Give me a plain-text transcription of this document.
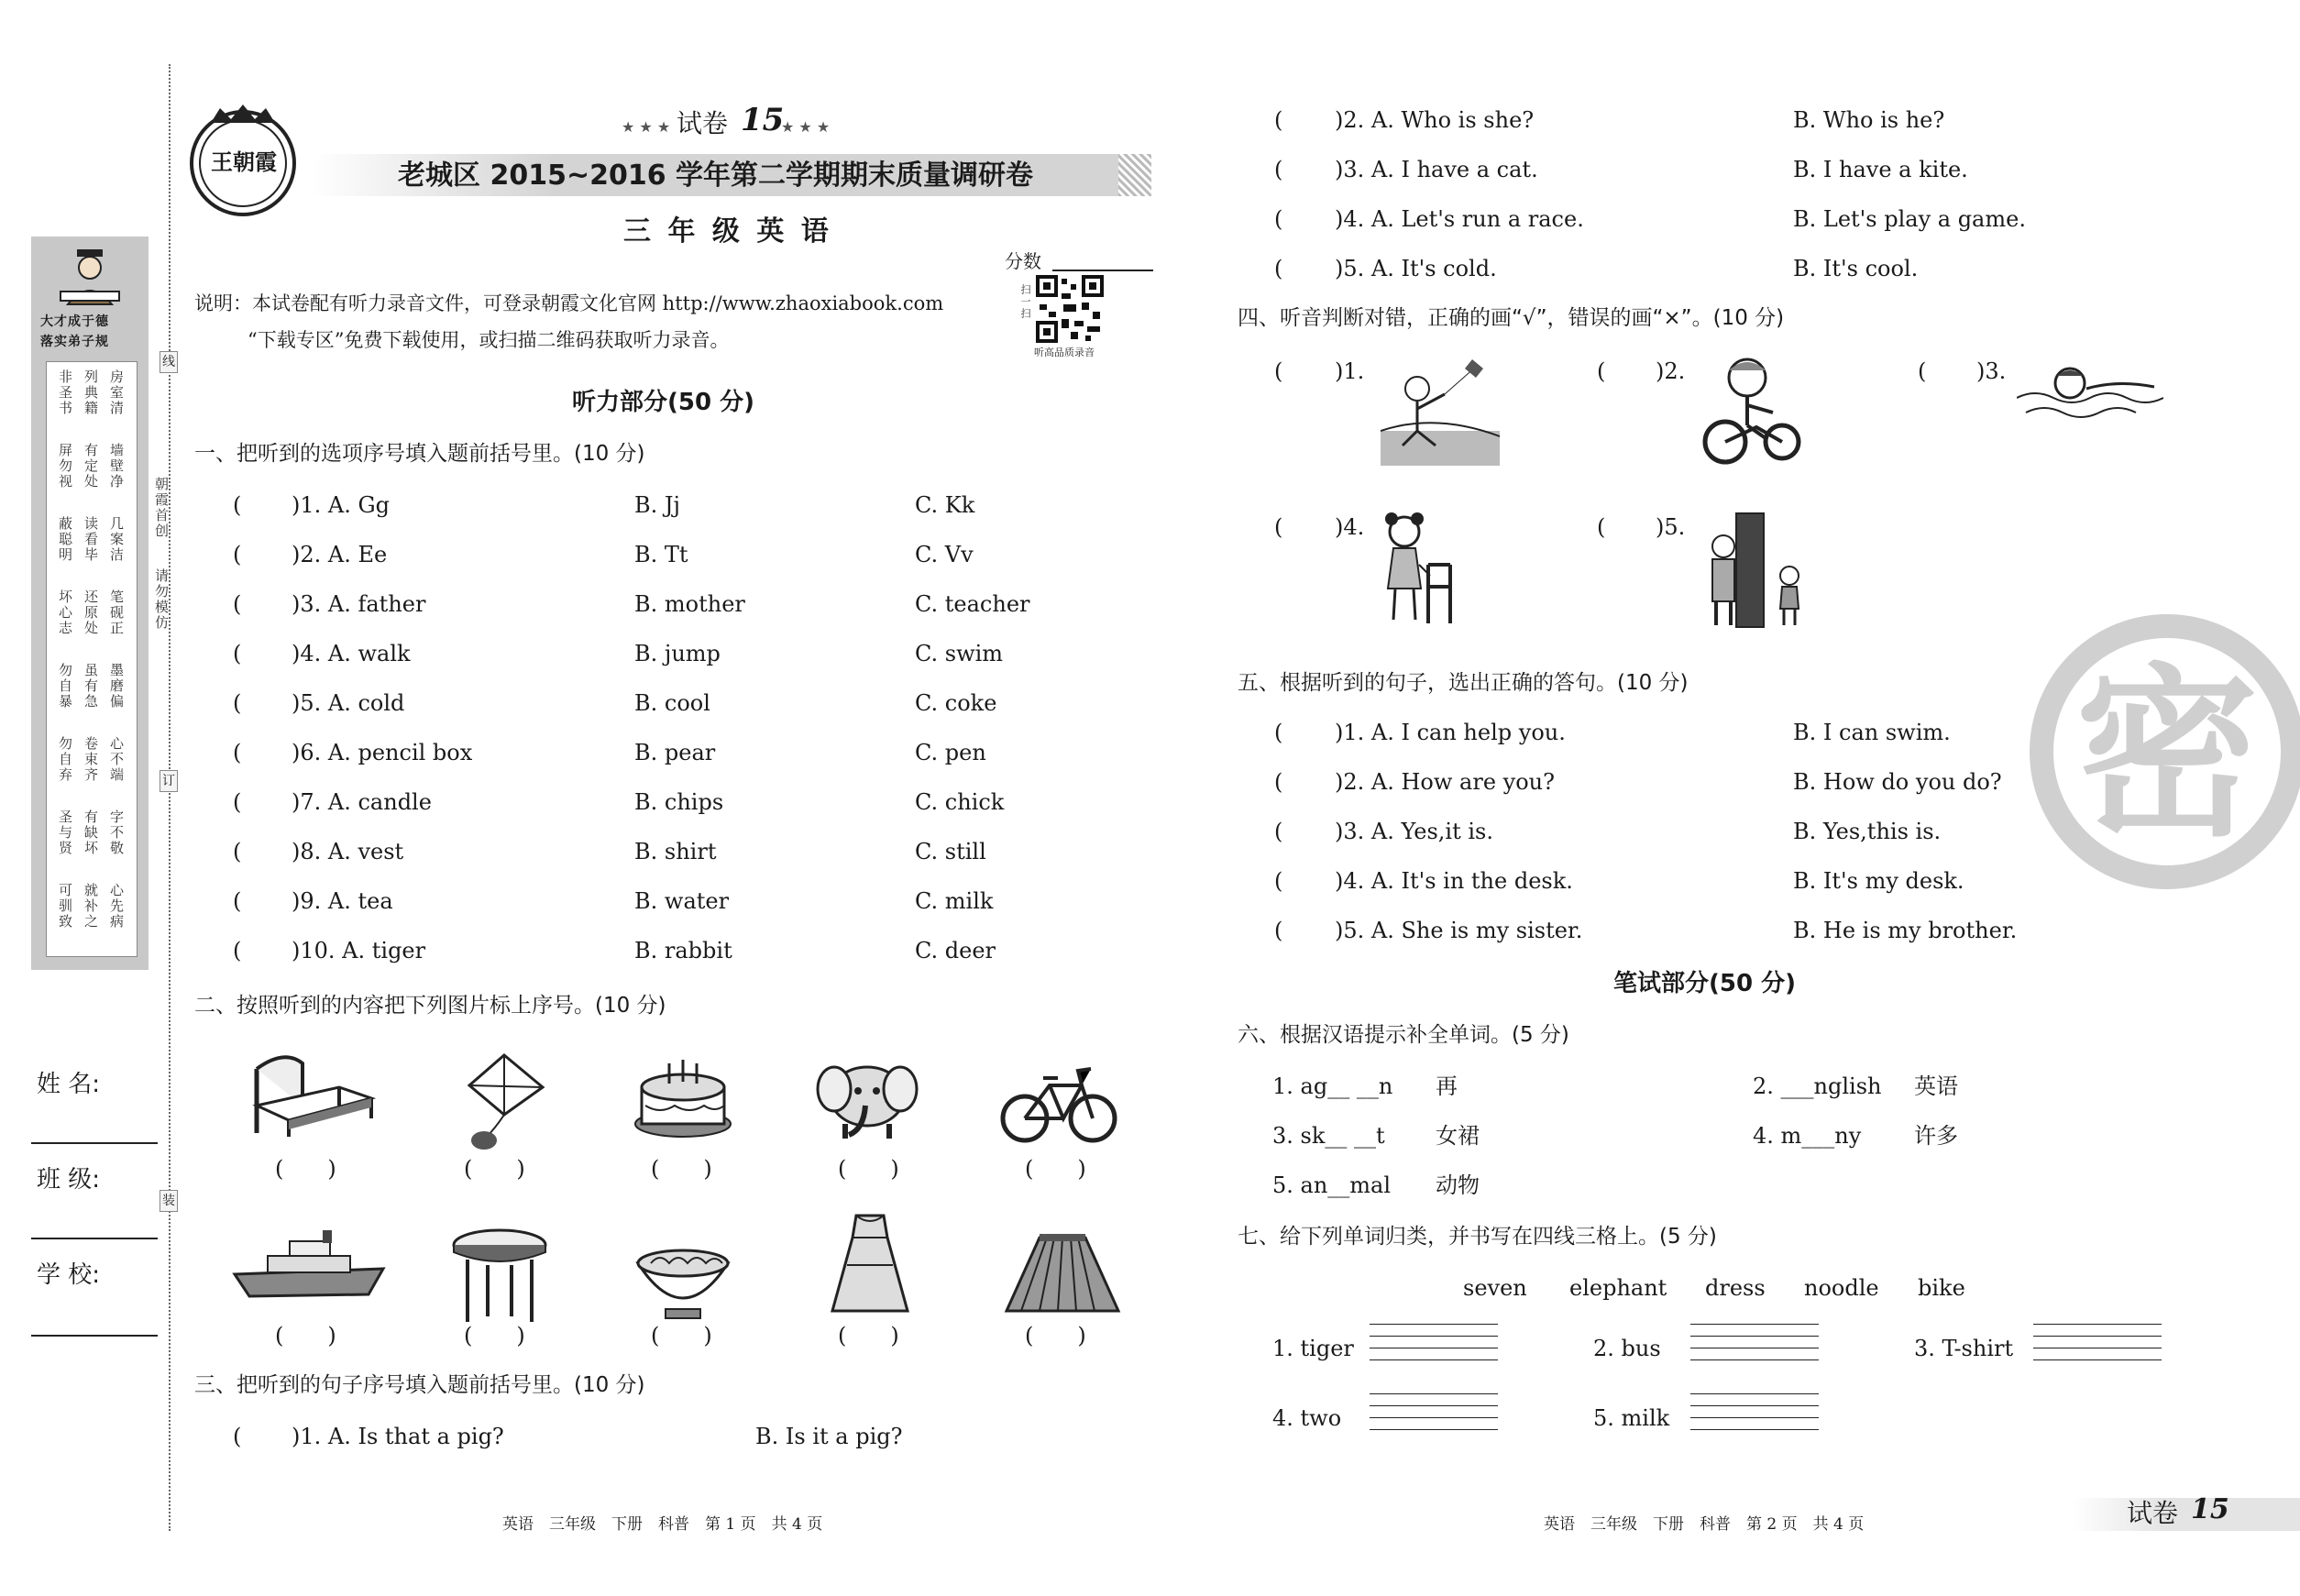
线
订
装
朝霞首创
请勿模仿
大才成于德
落实弟子规
房室清
列典籍
非圣书
墙壁净
有定处
屏勿视
几案洁
读看毕
蔽聪明
笔砚正
还原处
坏心志
墨磨偏
虽有急
勿自暴
心不端
卷束齐
勿自弃
字不敬
有缺坏
圣与贤
心先病
就补之
可驯致
姓 名:
班 级:
学 校:
王朝霞
★ ★ ★ 试卷 15
★ ★ ★
老城区 2015~2016 学年第二学期期末质量调研卷
三 年 级 英 语
分数
说明：本试卷配有听力录音文件，可登录朝霞文化官网 http://www.zhaoxiabook.com
“下载专区”免费下载使用，或扫描二维码获取听力录音。
扫一扫
听高品质录音
听力部分(50 分)
一、把听到的选项序号填入题前括号里。(10 分)
( )1. A. Gg	B. Jj	C. Kk
( )2. A. Ee	B. Tt	C. Vv
( )3. A. father	B. mother	C. teacher
( )4. A. walk	B. jump	C. swim
( )5. A. cold	B. cool	C. coke
( )6. A. pencil box	B. pear	C. pen
( )7. A. candle	B. chips	C. chick
( )8. A. vest	B. shirt	C. still
( )9. A. tea	B. water	C. milk
( )10. A. tiger	B. rabbit	C. deer
二、按照听到的内容把下列图片标上序号。(10 分)
(　　)	(　　)	(　　)	(　　)	(　　)
(　　)	(　　)	(　　)	(　　)	(　　)
三、把听到的句子序号填入题前括号里。(10 分)
( )1. A. Is that a pig?	B. Is it a pig?
英语　三年级　下册　科普　第 1 页　共 4 页
( )2. A. Who is she?	B. Who is he?
( )3. A. I have a cat.	B. I have a kite.
( )4. A. Let's run a race.	B. Let's play a game.
( )5. A. It's cold.	B. It's cool.
四、听音判断对错，正确的画“√”，错误的画“×”。(10 分)
( )1.	( )2.	( )3.
( )4.	( )5.
五、根据听到的句子，选出正确的答句。(10 分)
( )1. A. I can help you.	B. I can swim.
( )2. A. How are you?	B. How do you do?
( )3. A. Yes,it is.	B. Yes,this is.
( )4. A. It's in the desk.	B. It's my desk.
( )5. A. She is my sister.	B. He is my brother.
笔试部分(50 分)
六、根据汉语提示补全单词。(5 分)
1. ag__ __n 再	2. ___nglish 英语
3. sk__ __t 女裙	4. m___ny 许多
5. an__mal 动物
七、给下列单词归类，并书写在四线三格上。(5 分)
seven elephant dress noodle bike
1. tiger	2. bus	3. T-shirt
4. two	5. milk
密
英语　三年级　下册　科普　第 2 页　共 4 页	试卷 15
